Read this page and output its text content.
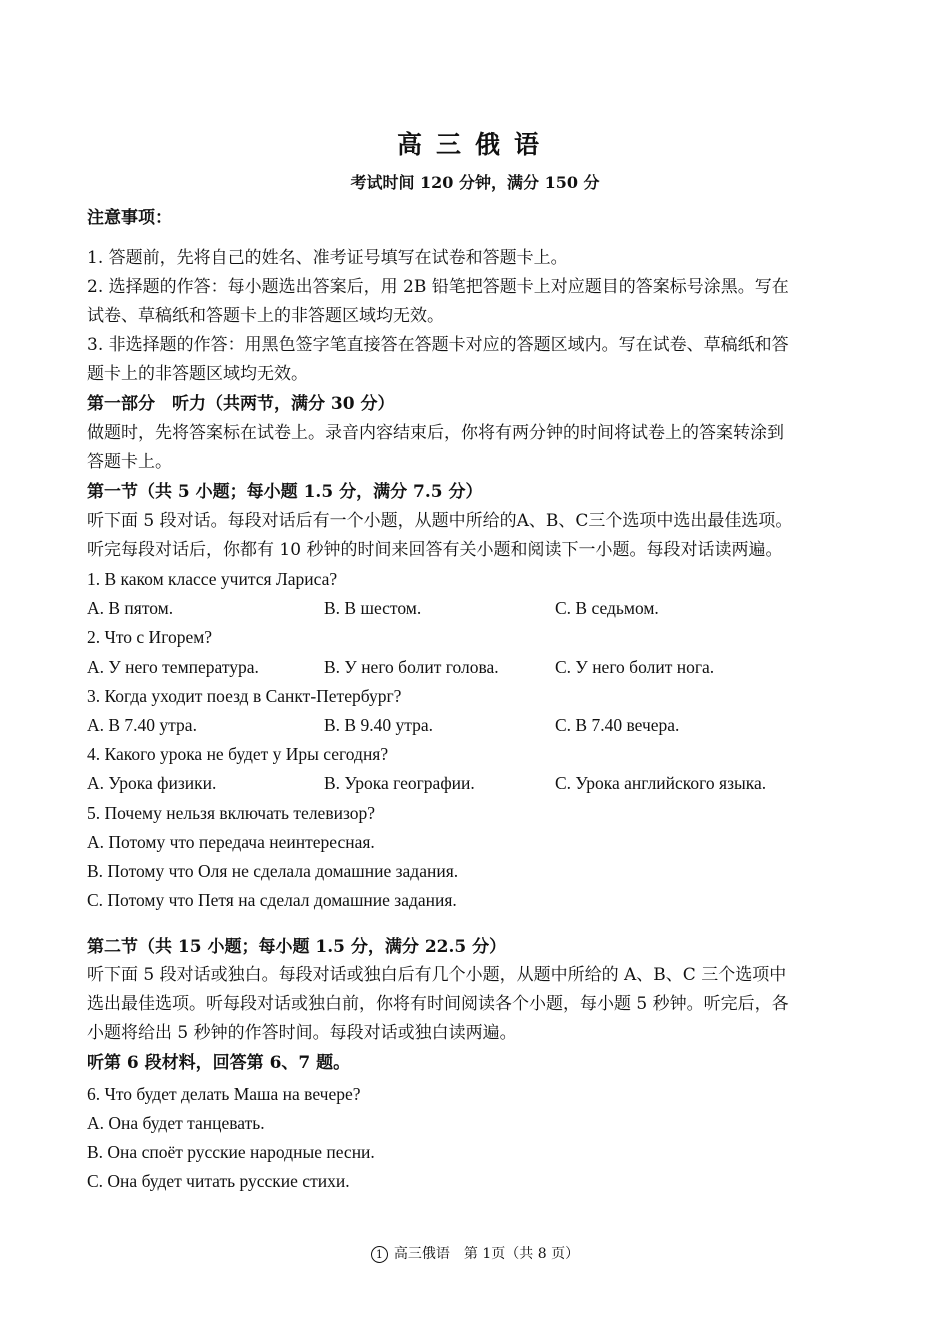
高三俄语
考试时间 120 分钟，满分 150 分
注意事项：
1. 答题前，先将自己的姓名、准考证号填写在试卷和答题卡上。
2. 选择题的作答：每小题选出答案后，用 2B 铅笔把答题卡上对应题目的答案标号涂黑。写在
试卷、草稿纸和答题卡上的非答题区域均无效。
3. 非选择题的作答：用黑色签字笔直接答在答题卡对应的答题区域内。写在试卷、草稿纸和答
题卡上的非答题区域均无效。
第一部分　听力（共两节，满分 30 分）
做题时，先将答案标在试卷上。录音内容结束后，你将有两分钟的时间将试卷上的答案转涂到
答题卡上。
第一节（共 5 小题；每小题 1.5 分，满分 7.5 分）
听下面 5 段对话。每段对话后有一个小题，从题中所给的A、B、C三个选项中选出最佳选项。
听完每段对话后，你都有 10 秒钟的时间来回答有关小题和阅读下一小题。每段对话读两遍。
1. В каком классе учится Лариса?
A. В пятом.	B. В шестом.	C. В седьмом.
2. Что с Игорем?
A. У него температура.	B. У него болит голова.	C. У него болит нога.
3. Когда уходит поезд в Санкт-Петербург?
A. В 7.40 утра.	B. В 9.40 утра.	C. В 7.40 вечера.
4. Какого урока не будет у Иры сегодня?
A. Урока физики.	B. Урока географии.	C. Урока английского языка.
5. Почему нельзя включать телевизор?
A. Потому что передача неинтересная.
B. Потому что Оля не сделала домашние задания.
C. Потому что Петя на сделал домашние задания.
第二节（共 15 小题；每小题 1.5 分，满分 22.5 分）
听下面 5 段对话或独白。每段对话或独白后有几个小题，从题中所给的 A、B、C 三个选项中
选出最佳选项。听每段对话或独白前，你将有时间阅读各个小题，每小题 5 秒钟。听完后，各
小题将给出 5 秒钟的作答时间。每段对话或独白读两遍。
听第 6 段材料，回答第 6、7 题。
6. Что будет делать Маша на вечере?
A. Она будет танцевать.
B. Она споёт русские народные песни.
C. Она будет читать русские стихи.
1 高三俄语　第 1页（共 8 页）
